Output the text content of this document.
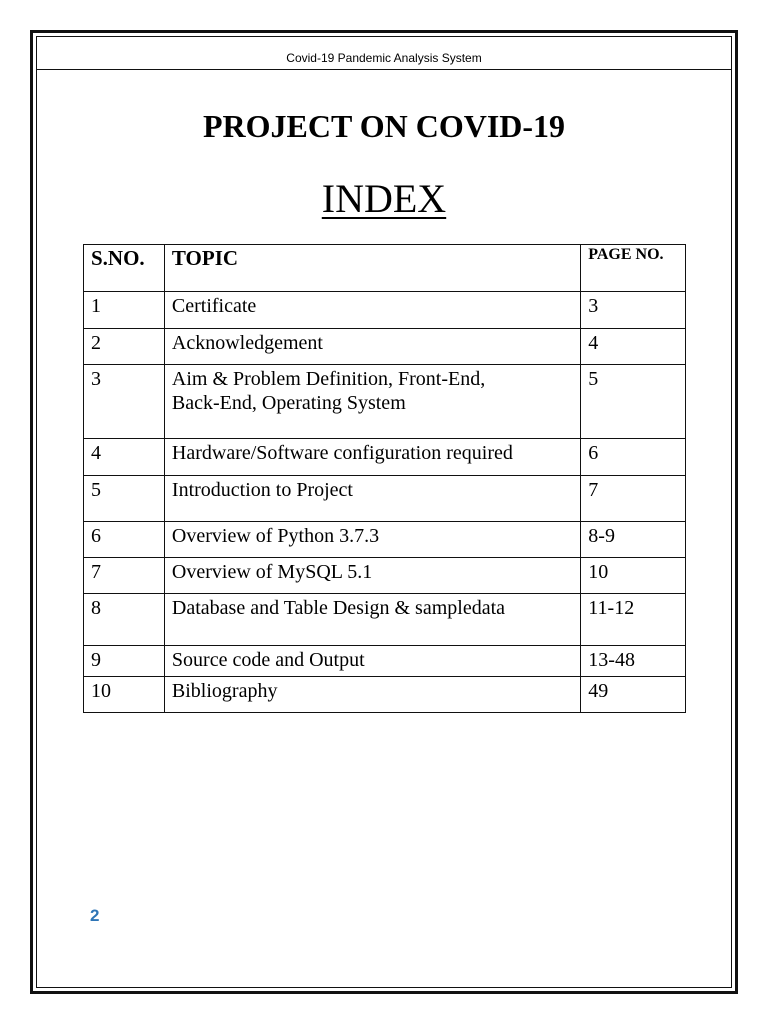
Covid-19 Pandemic Analysis System
PROJECT ON COVID-19
INDEX
S.NO.	TOPIC	PAGE NO.
1	Certificate	3
2	Acknowledgement	4
3	Aim & Problem Definition, Front-End,
Back-End, Operating System	5
4	Hardware/Software configuration required	6
5	Introduction to Project	7
6	Overview of Python 3.7.3	8-9
7	Overview of MySQL 5.1	10
8	Database and Table Design & sampledata	11-12
9	Source code and Output	13-48
10	Bibliography	49
2
